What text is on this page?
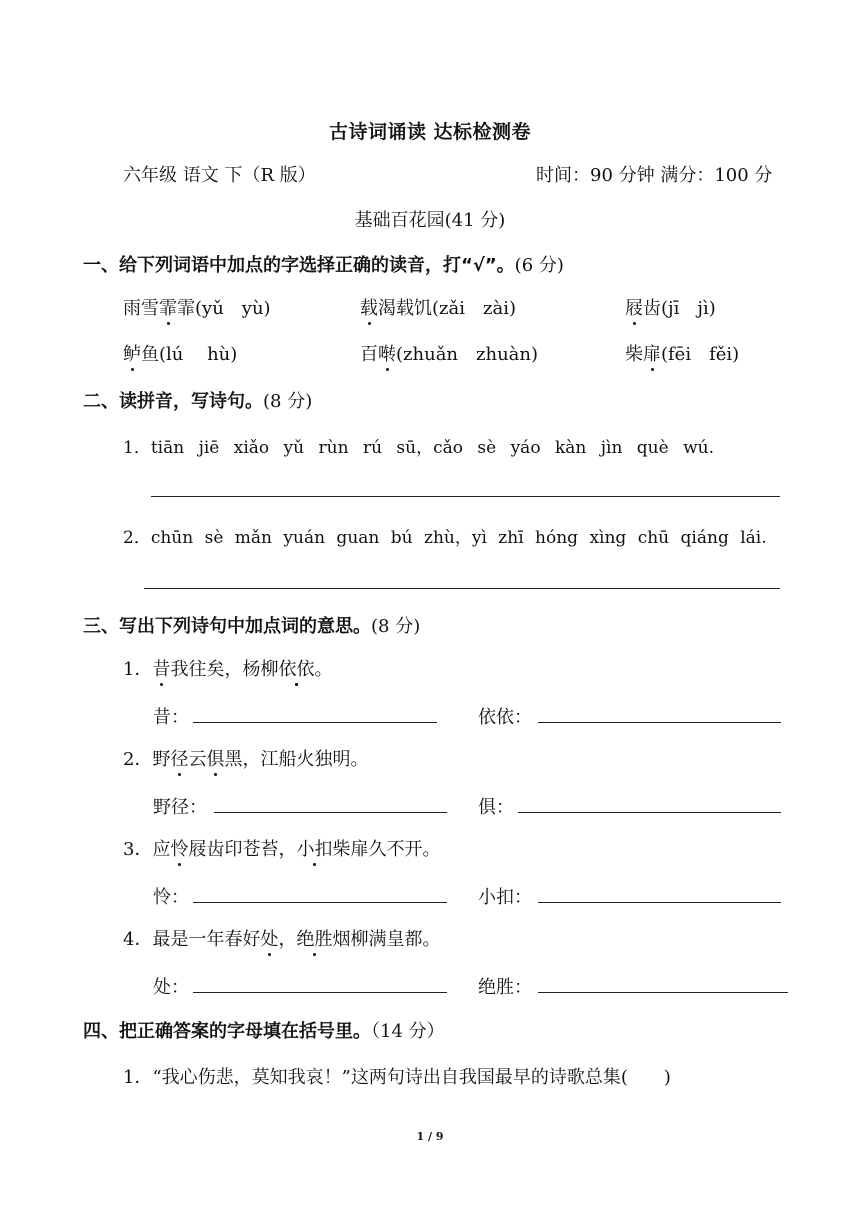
古诗词诵读 达标检测卷
六年级 语文 下（R 版）	时间：90 分钟 满分：100 分
基础百花园(41 分)
一、给下列词语中加点的字选择正确的读音，打“√”。(6 分)
雨雪霏霏(yǔ　yù)	载渴载饥(zǎi　zài)	屐齿(jī　jì)
鲈鱼(lú　 hù)	百啭(zhuǎn　zhuàn)	柴扉(fēi　fěi)
二、读拼音，写诗句。(8 分)
1．tiān jiē xiǎo yǔ rùn rú sū，cǎo sè yáo kàn jìn què wú.
2．chūn sè mǎn yuán guan bú zhù，yì zhī hóng xìng chū qiáng lái.
三、写出下列诗句中加点词的意思。(8 分)
1．昔我往矣，杨柳依依。
昔：	依依：
2．野径云俱黑，江船火独明。
野径：	俱：
3．应怜屐齿印苍苔，小扣柴扉久不开。
怜：	小扣：
4．最是一年春好处，绝胜烟柳满皇都。
处：	绝胜：
四、把正确答案的字母填在括号里。（14 分）
1．“我心伤悲，莫知我哀！”这两句诗出自我国最早的诗歌总集(　　)
1 / 9
